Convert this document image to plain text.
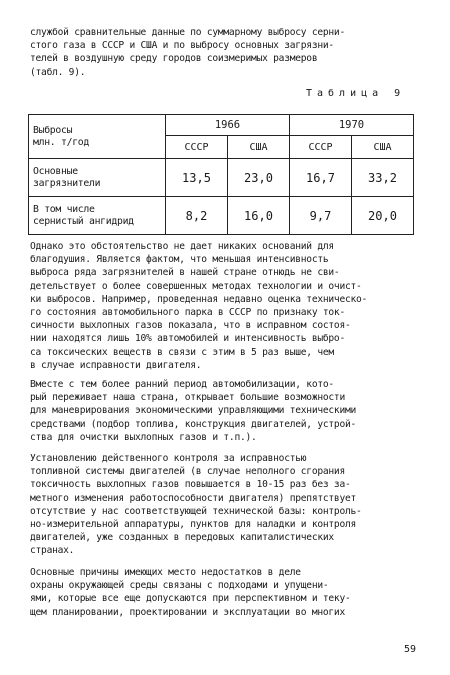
службой сравнительные данные по суммарному выбросу серни-
стого газа в СССР и США и по выбросу основных загрязни-
телей в воздушную среду городов соизмеримых размеров
(табл. 9).
Таблица 9
Выбросы
млн. т/год	1966		1970	
	СССР	США	СССР	США
Основные
загрязнители	13,5	23,0	16,7	33,2
В том числе
сернистый ангидрид	8,2	16,0	9,7	20,0
Однако это обстоятельство не дает никаких оснований для
благодушия. Является фактом, что меньшая интенсивность
выброса ряда загрязнителей в нашей стране отнюдь не сви-
детельствует о более совершенных методах технологии и очист-
ки выбросов. Например, проведенная недавно оценка техническо-
го состояния автомобильного парка в СССР по признаку ток-
сичности выхлопных газов показала, что в исправном состоя-
нии находятся лишь 10% автомобилей и интенсивность выбро-
са токсических веществ в связи с этим в 5 раз выше, чем
в случае исправности двигателя.
Вместе с тем более ранний период автомобилизации, кото-
рый переживает наша страна, открывает большие возможности
для маневрирования экономическими управляющими техническими
средствами (подбор топлива, конструкция двигателей, устрой-
ства для очистки выхлопных газов и т.п.).
Установлению действенного контроля за исправностью
топливной системы двигателей (в случае неполного сгорания
токсичность выхлопных газов повышается в 10-15 раз без за-
метного изменения работоспособности двигателя) препятствует
отсутствие у нас соответствующей технической базы: контроль-
но-измерительной аппаратуры, пунктов для наладки и контроля
двигателей, уже созданных в передовых капиталистических
странах.
Основные причины имеющих место недостатков в деле
охраны окружающей среды связаны с подходами и упущени-
ями, которые все еще допускаются при перспективном и теку-
щем планировании, проектировании и эксплуатации во многих
59
